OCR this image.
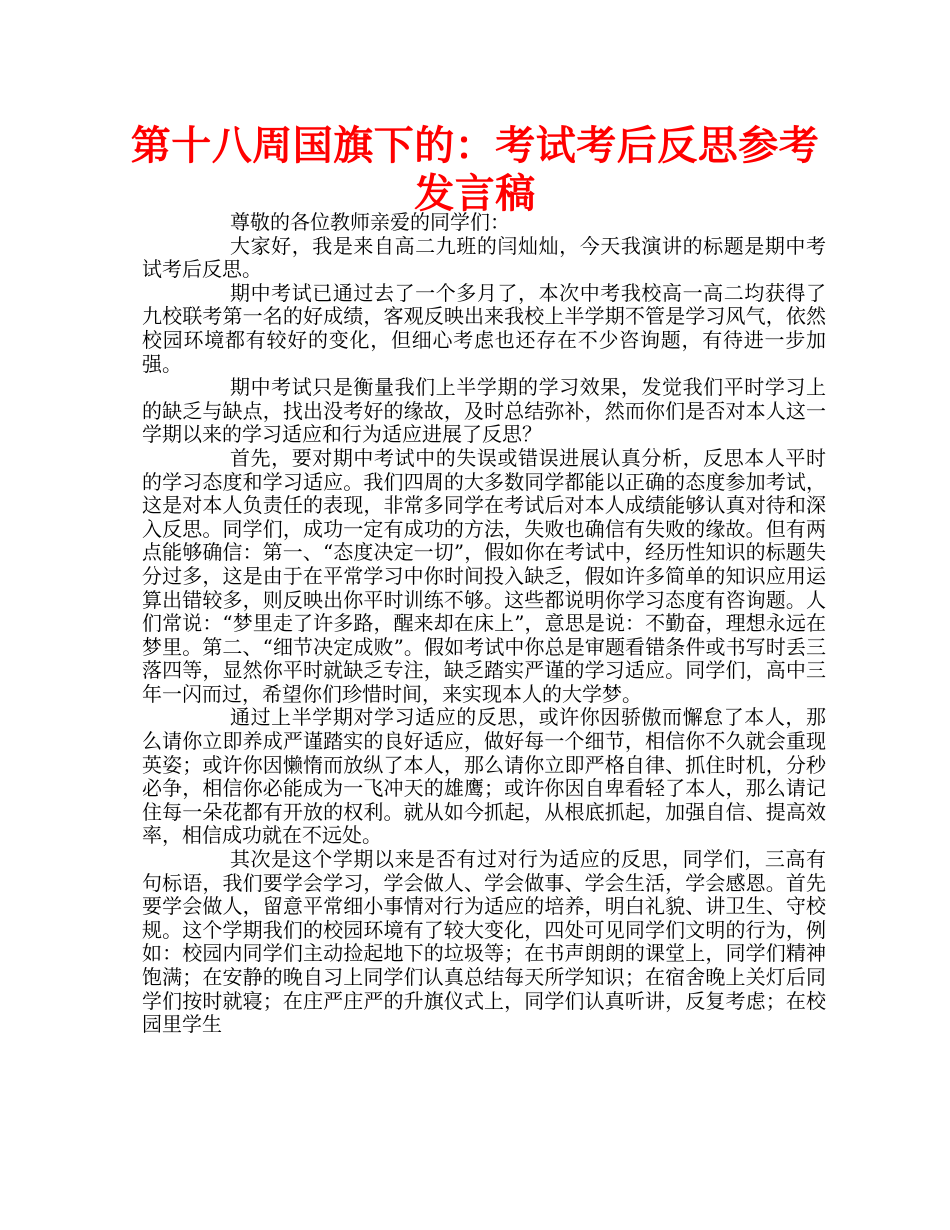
第十八周国旗下的：考试考后反思参考发言稿

尊敬的各位教师亲爱的同学们：

大家好，我是来自高二九班的闫灿灿，今天我演讲的标题是期中考试考后反思。

期中考试已通过去了一个多月了，本次中考我校高一高二均获得了九校联考第一名的好成绩，客观反映出来我校上半学期不管是学习风气，依然校园环境都有较好的变化，但细心考虑也还存在不少咨询题，有待进一步加强。

期中考试只是衡量我们上半学期的学习效果，发觉我们平时学习上的缺乏与缺点，找出没考好的缘故，及时总结弥补，然而你们是否对本人这一学期以来的学习适应和行为适应进展了反思？

首先，要对期中考试中的失误或错误进展认真分析，反思本人平时的学习态度和学习适应。我们四周的大多数同学都能以正确的态度参加考试，这是对本人负责任的表现，非常多同学在考试后对本人成绩能够认真对待和深入反思。同学们，成功一定有成功的方法，失败也确信有失败的缘故。但有两点能够确信：第一、“态度决定一切”，假如你在考试中，经历性知识的标题失分过多，这是由于在平常学习中你时间投入缺乏，假如许多简单的知识应用运算出错较多，则反映出你平时训练不够。这些都说明你学习态度有咨询题。人们常说：“梦里走了许多路，醒来却在床上”，意思是说：不勤奋，理想永远在梦里。第二、“细节决定成败”。假如考试中你总是审题看错条件或书写时丢三落四等，显然你平时就缺乏专注，缺乏踏实严谨的学习适应。同学们，高中三年一闪而过，希望你们珍惜时间，来实现本人的大学梦。

通过上半学期对学习适应的反思，或许你因骄傲而懈怠了本人，那么请你立即养成严谨踏实的良好适应，做好每一个细节，相信你不久就会重现英姿；或许你因懒惰而放纵了本人，那么请你立即严格自律、抓住时机，分秒必争，相信你必能成为一飞冲天的雄鹰；或许你因自卑看轻了本人，那么请记住每一朵花都有开放的权利。就从如今抓起，从根底抓起，加强自信、提高效率，相信成功就在不远处。

其次是这个学期以来是否有过对行为适应的反思，同学们，三高有句标语，我们要学会学习，学会做人、学会做事、学会生活，学会感恩。首先要学会做人，留意平常细小事情对行为适应的培养，明白礼貌、讲卫生、守校规。这个学期我们的校园环境有了较大变化，四处可见同学们文明的行为，例如：校园内同学们主动捡起地下的垃圾等；在书声朗朗的课堂上，同学们精神饱满；在安静的晚自习上同学们认真总结每天所学知识；在宿舍晚上关灯后同学们按时就寝；在庄严庄严的升旗仪式上，同学们认真听讲，反复考虑；在校园里学生
